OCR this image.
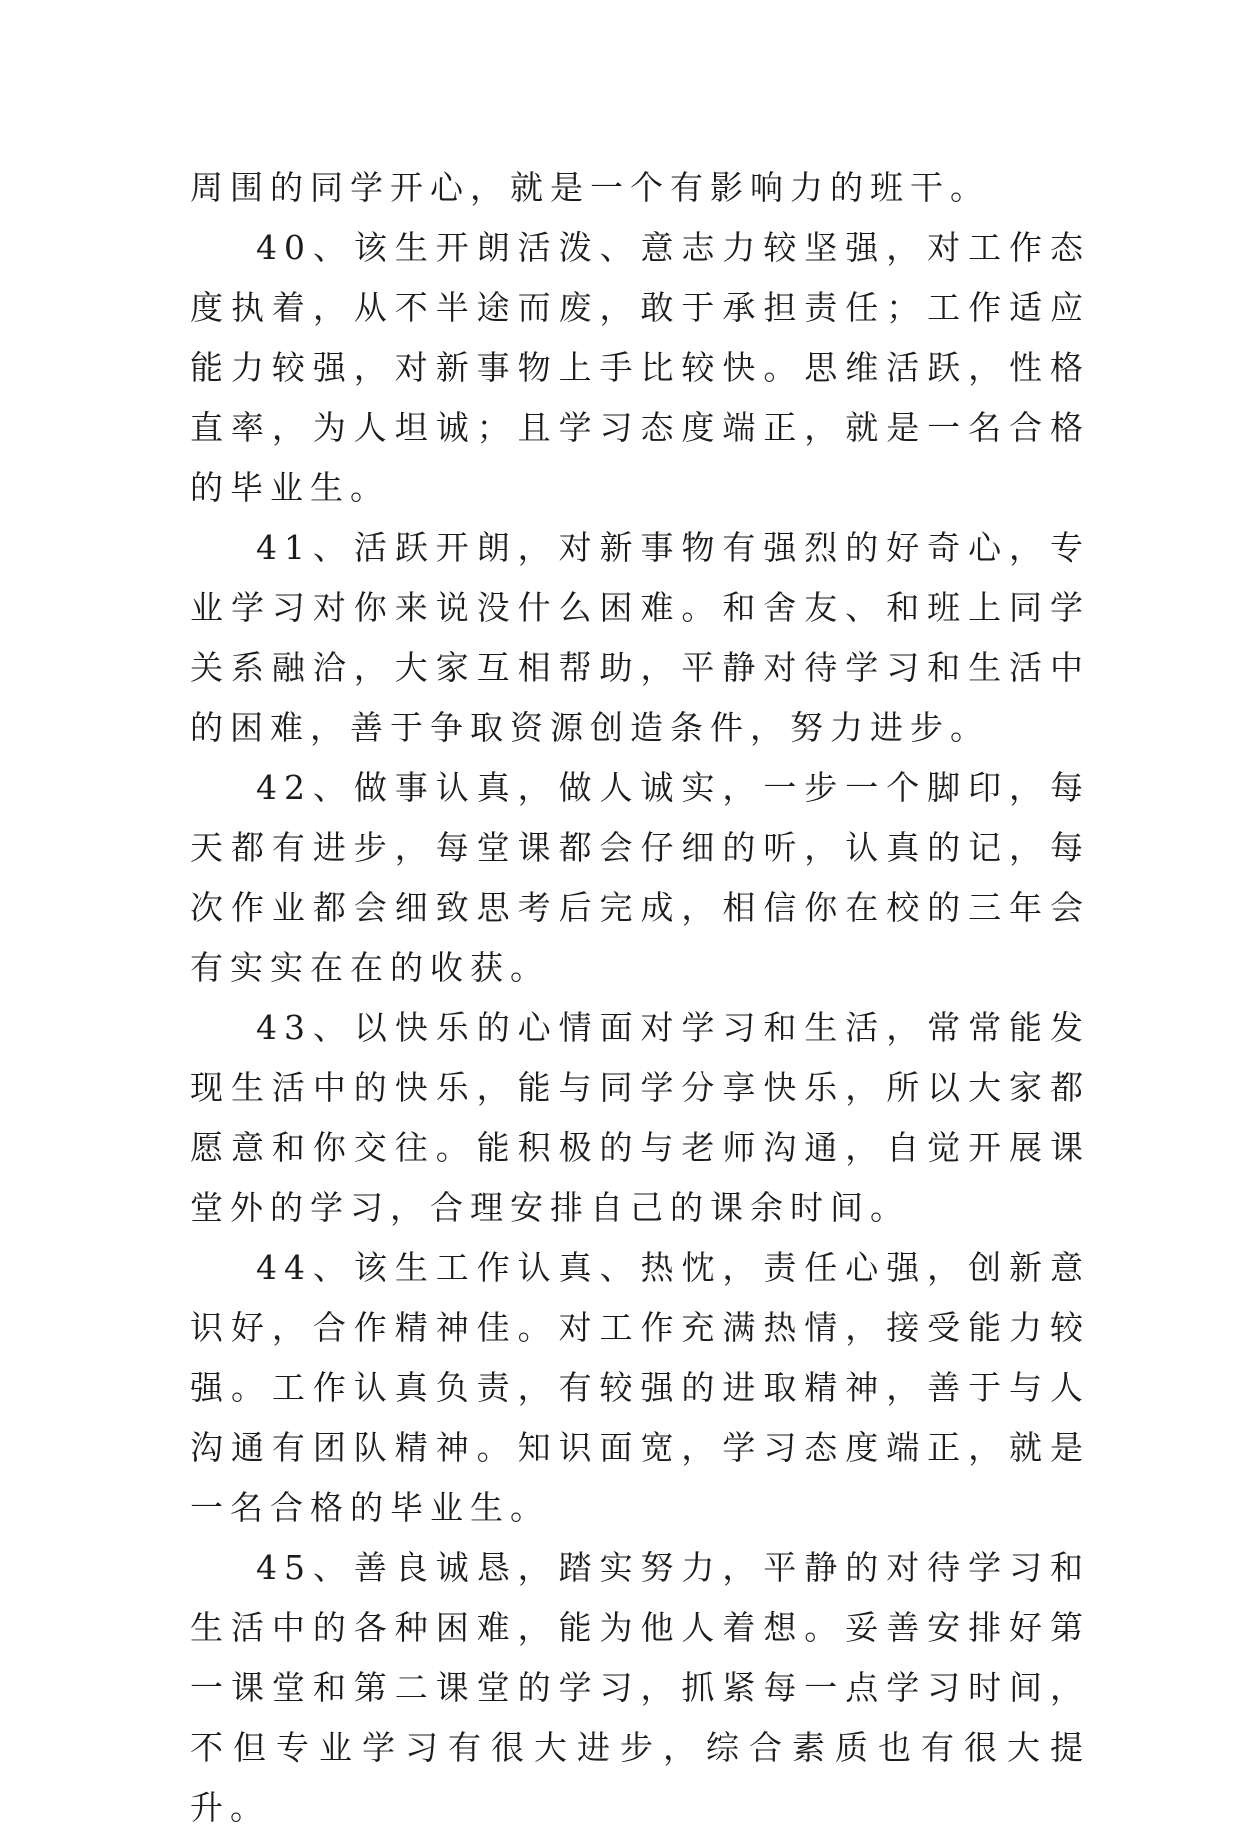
周围的同学开心，就是一个有影响力的班干。

40、该生开朗活泼、意志力较坚强，对工作态度执着，从不半途而废，敢于承担责任；工作适应能力较强，对新事物上手比较快。思维活跃，性格直率，为人坦诚；且学习态度端正，就是一名合格的毕业生。

41、活跃开朗，对新事物有强烈的好奇心，专业学习对你来说没什么困难。和舍友、和班上同学关系融洽，大家互相帮助，平静对待学习和生活中的困难，善于争取资源创造条件，努力进步。

42、做事认真，做人诚实，一步一个脚印，每天都有进步，每堂课都会仔细的听，认真的记，每次作业都会细致思考后完成，相信你在校的三年会有实实在在的收获。

43、以快乐的心情面对学习和生活，常常能发现生活中的快乐，能与同学分享快乐，所以大家都愿意和你交往。能积极的与老师沟通，自觉开展课堂外的学习，合理安排自己的课余时间。

44、该生工作认真、热忱，责任心强，创新意识好，合作精神佳。对工作充满热情，接受能力较强。工作认真负责，有较强的进取精神，善于与人沟通有团队精神。知识面宽，学习态度端正，就是一名合格的毕业生。

45、善良诚恳，踏实努力，平静的对待学习和生活中的各种困难，能为他人着想。妥善安排好第一课堂和第二课堂的学习，抓紧每一点学习时间，不但专业学习有很大进步，综合素质也有很大提升。
